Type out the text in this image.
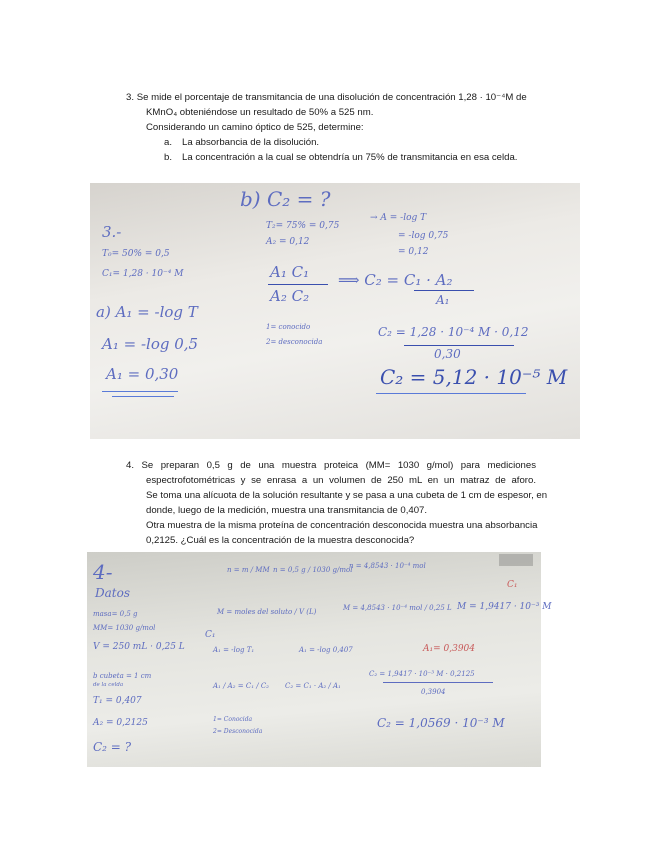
3. Se mide el porcentaje de transmitancia de una disolución de concentración 1,28 · 10⁻⁴M de
KMnO₄ obteniéndose un resultado de 50% a 525 nm.
Considerando un camino óptico de 525, determine:
a. La absorbancia de la disolución.
b. La concentración a la cual se obtendría un 75% de transmitancia en esa celda.
3.-
T₀= 50% = 0,5
C₁= 1,28 · 10⁻⁴ M
a) A₁ = -log T
A₁ = -log 0,5
A₁ = 0,30
b) C₂ = ?
T₂= 75% = 0,75
A₂ = 0,12
A₁ C₁
A₂ C₂
1= conocido
2= desconocida
→ A = -log T
= -log 0,75
= 0,12
⟹ C₂ = C₁ · A₂
A₁
C₂ = 1,28 · 10⁻⁴ M · 0,12
0,30
C₂ = 5,12 · 10⁻⁵ M
4. Se preparan 0,5 g de una muestra proteica (MM= 1030 g/mol) para mediciones
espectrofotométricas y se enrasa a un volumen de 250 mL en un matraz de aforo.
Se toma una alícuota de la solución resultante y se pasa a una cubeta de 1 cm de espesor, en
donde, luego de la medición, muestra una transmitancia de 0,407.
Otra muestra de la misma proteína de concentración desconocida muestra una absorbancia
0,2125. ¿Cuál es la concentración de la muestra desconocida?
C₁
4-
Datos
masa= 0,5 g
MM= 1030 g/mol
V = 250 mL · 0,25 L
C₁
b cubeta = 1 cm
de la celda
T₁ = 0,407
A₂ = 0,2125
C₂ = ?
n = m / MM n = 0,5 g / 1030 g/mol
n = 4,8543 · 10⁻⁴ mol
M = moles del soluto / V (L)	M = 4,8543 · 10⁻⁴ mol / 0,25 L M = 1,9417 · 10⁻³ M
A₁ = -log T₁	A₁ = -log 0,407	A₁= 0,3904
A₁ / A₂ = C₁ / C₂ C₂ = C₁ · A₂ / A₁
C₂ = 1,9417 · 10⁻³ M · 0,2125
0,3904
1= Conocida
2= Desconocida
C₂ = 1,0569 · 10⁻³ M
